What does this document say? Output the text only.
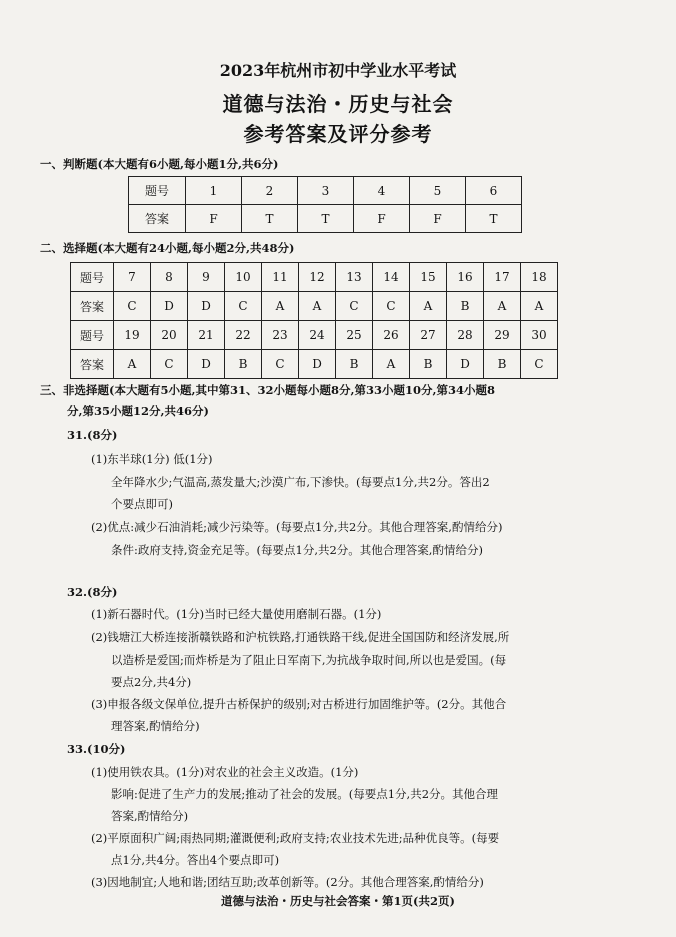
2023年杭州市初中学业水平考试
道德与法治・历史与社会
参考答案及评分参考
一、判断题(本大题有6小题,每小题1分,共6分)
题号	1	2	3	4	5	6
答案	F	T	T	F	F	T
二、选择题(本大题有24小题,每小题2分,共48分)
题号	7	8	9	10	11	12	13	14	15	16	17	18
答案	C	D	D	C	A	A	C	C	A	B	A	A
题号	19	20	21	22	23	24	25	26	27	28	29	30
答案	A	C	D	B	C	D	B	A	B	D	B	C
三、非选择题(本大题有5小题,其中第31、32小题每小题8分,第33小题10分,第34小题8
分,第35小题12分,共46分)
31.(8分)
(1)东半球(1分) 低(1分)
全年降水少;气温高,蒸发量大;沙漠广布,下渗快。(每要点1分,共2分。答出2
个要点即可)
(2)优点:减少石油消耗;减少污染等。(每要点1分,共2分。其他合理答案,酌情给分)
条件:政府支持,资金充足等。(每要点1分,共2分。其他合理答案,酌情给分)
32.(8分)
(1)新石器时代。(1分)当时已经大量使用磨制石器。(1分)
(2)钱塘江大桥连接浙赣铁路和沪杭铁路,打通铁路干线,促进全国国防和经济发展,所
以造桥是爱国;而炸桥是为了阻止日军南下,为抗战争取时间,所以也是爱国。(每
要点2分,共4分)
(3)申报各级文保单位,提升古桥保护的级别;对古桥进行加固维护等。(2分。其他合
理答案,酌情给分)
33.(10分)
(1)使用铁农具。(1分)对农业的社会主义改造。(1分)
影响:促进了生产力的发展;推动了社会的发展。(每要点1分,共2分。其他合理
答案,酌情给分)
(2)平原面积广阔;雨热同期;灌溉便利;政府支持;农业技术先进;品种优良等。(每要
点1分,共4分。答出4个要点即可)
(3)因地制宜;人地和谐;团结互助;改革创新等。(2分。其他合理答案,酌情给分)
道德与法治・历史与社会答案・第1页(共2页)
